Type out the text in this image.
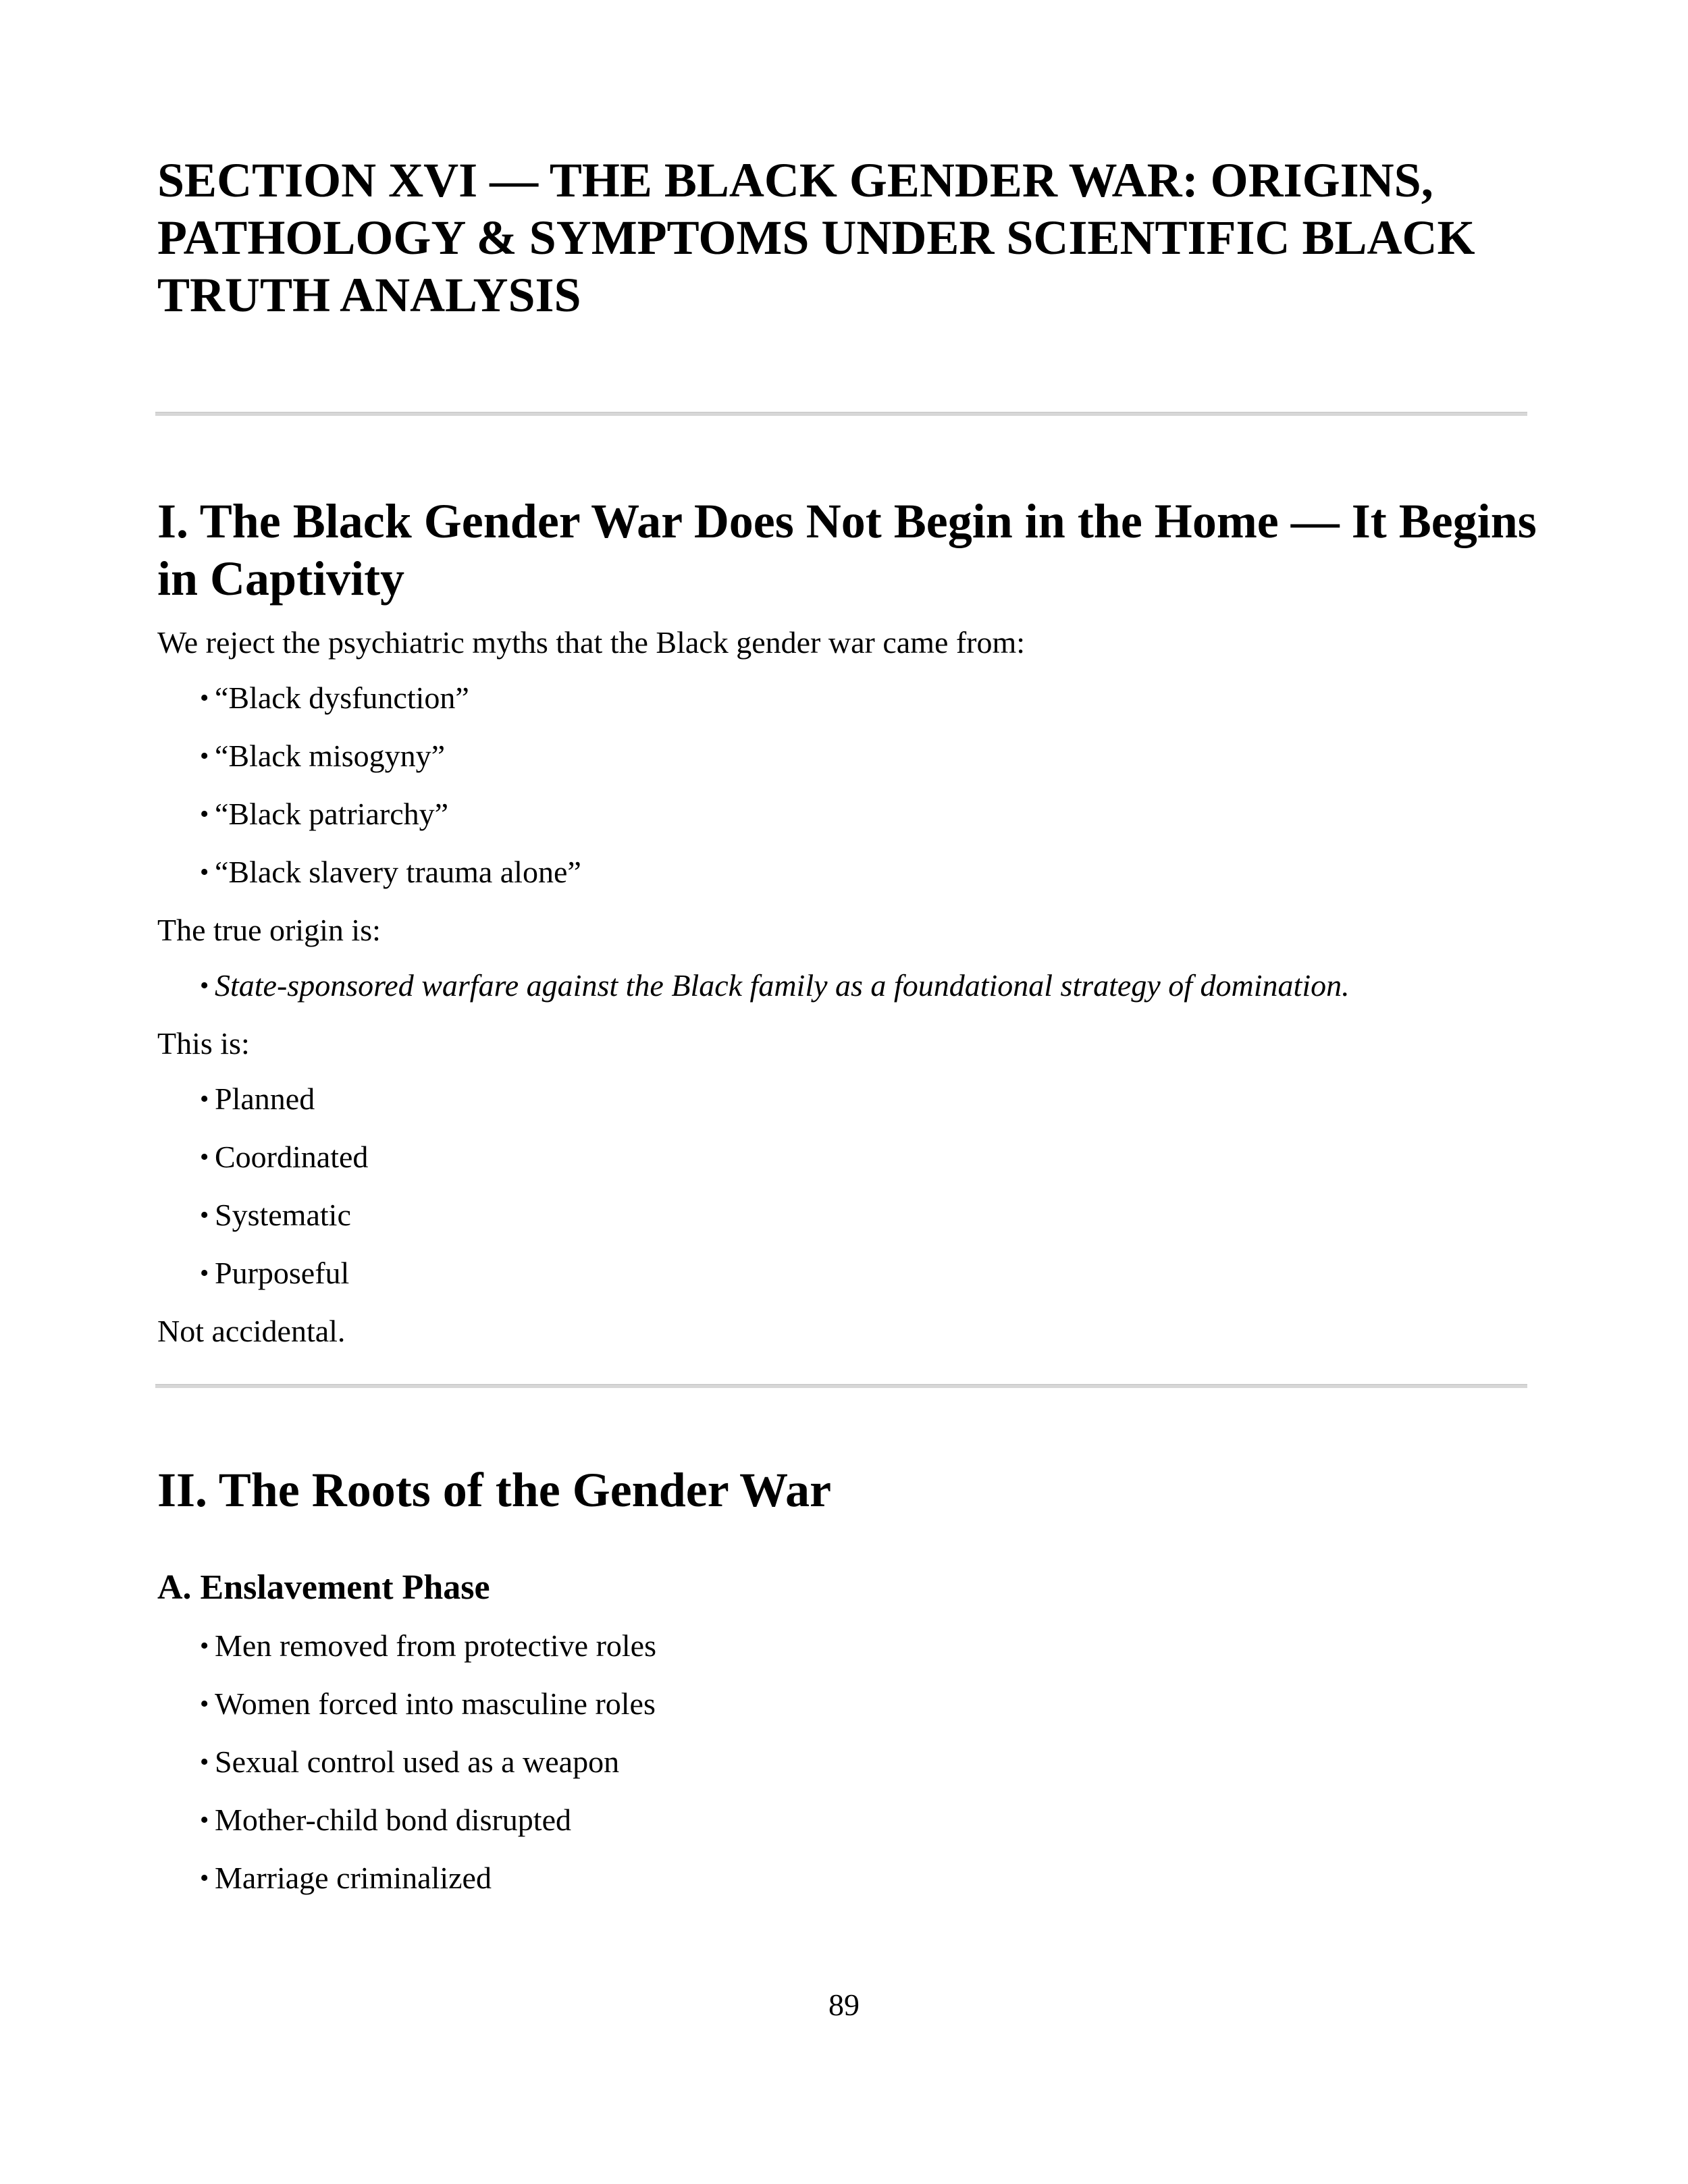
SECTION XVI — THE BLACK GENDER WAR: ORIGINS, PATHOLOGY & SYMPTOMS UNDER SCIENTIFIC BLACK TRUTH ANALYSIS
I. The Black Gender War Does Not Begin in the Home — It Begins in Captivity

We reject the psychiatric myths that the Black gender war came from:

• “Black dysfunction”
• “Black misogyny”
• “Black patriarchy”
• “Black slavery trauma alone”

The true origin is:

• State-sponsored warfare against the Black family as a foundational strategy of domination.

This is:

• Planned
• Coordinated
• Systematic
• Purposeful

Not accidental.

II. The Roots of the Gender War
A. Enslavement Phase
• Men removed from protective roles
• Women forced into masculine roles
• Sexual control used as a weapon
• Mother-child bond disrupted
• Marriage criminalized
89
